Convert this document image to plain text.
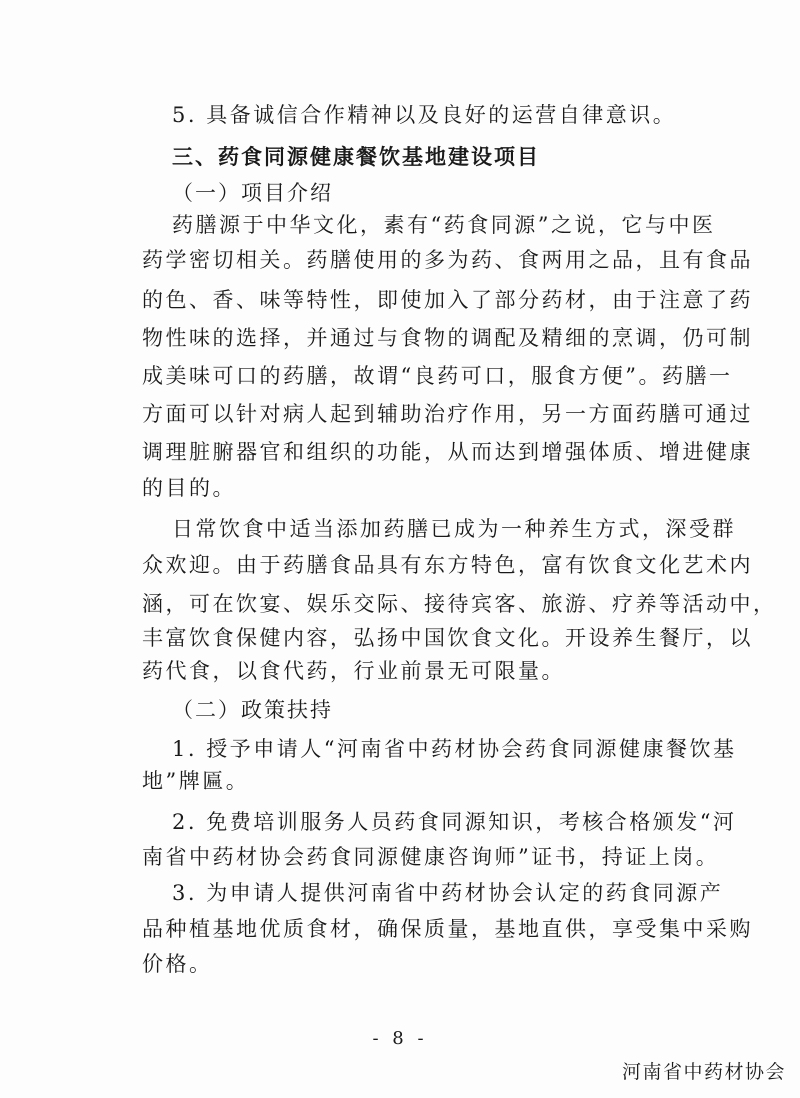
5. 具备诚信合作精神以及良好的运营自律意识。
三、药食同源健康餐饮基地建设项目
（一）项目介绍
药膳源于中华文化，素有“药食同源”之说，它与中医
药学密切相关。药膳使用的多为药、食两用之品，且有食品
的色、香、味等特性，即使加入了部分药材，由于注意了药
物性味的选择，并通过与食物的调配及精细的烹调，仍可制
成美味可口的药膳，故谓“良药可口，服食方便”。药膳一
方面可以针对病人起到辅助治疗作用，另一方面药膳可通过
调理脏腑器官和组织的功能，从而达到增强体质、增进健康
的目的。
日常饮食中适当添加药膳已成为一种养生方式，深受群
众欢迎。由于药膳食品具有东方特色，富有饮食文化艺术内
涵，可在饮宴、娱乐交际、接待宾客、旅游、疗养等活动中，
丰富饮食保健内容，弘扬中国饮食文化。开设养生餐厅，以
药代食，以食代药，行业前景无可限量。
（二）政策扶持
1. 授予申请人“河南省中药材协会药食同源健康餐饮基
地”牌匾。
2. 免费培训服务人员药食同源知识，考核合格颁发“河
南省中药材协会药食同源健康咨询师”证书，持证上岗。
3. 为申请人提供河南省中药材协会认定的药食同源产
品种植基地优质食材，确保质量，基地直供，享受集中采购
价格。
- 8 -
河南省中药材协会
